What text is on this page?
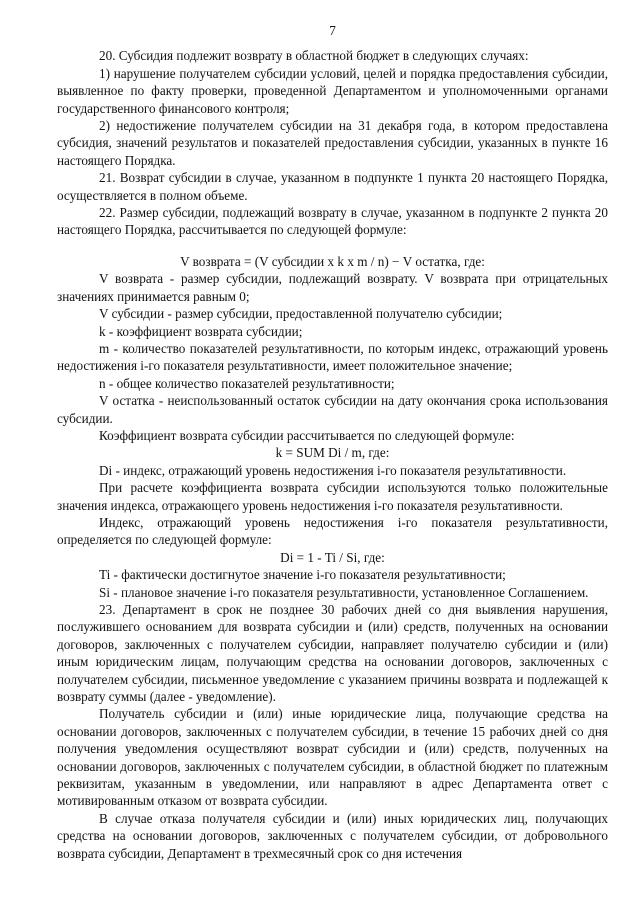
7

20. Субсидия подлежит возврату в областной бюджет в следующих случаях:

1) нарушение получателем субсидии условий, целей и порядка предоставления субсидии, выявленное по факту проверки, проведенной Департаментом и уполномоченными органами государственного финансового контроля;

2) недостижение получателем субсидии на 31 декабря года, в котором предоставлена субсидия, значений результатов и показателей предоставления субсидии, указанных в пункте 16 настоящего Порядка.

21. Возврат субсидии в случае, указанном в подпункте 1 пункта 20 настоящего Порядка, осуществляется в полном объеме.

22. Размер субсидии, подлежащий возврату в случае, указанном в подпункте 2 пункта 20 настоящего Порядка, рассчитывается по следующей формуле:

V возврата = (V субсидии x k x m / n) − V остатка, где:

V возврата - размер субсидии, подлежащий возврату. V возврата при отрицательных значениях принимается равным 0;

V субсидии - размер субсидии, предоставленной получателю субсидии;

k - коэффициент возврата субсидии;

m - количество показателей результативности, по которым индекс, отражающий уровень недостижения i-го показателя результативности, имеет положительное значение;

n - общее количество показателей результативности;

V остатка - неиспользованный остаток субсидии на дату окончания срока использования субсидии.

Коэффициент возврата субсидии рассчитывается по следующей формуле:

k = SUM Di / m, где:

Di - индекс, отражающий уровень недостижения i-го показателя результативности.

При расчете коэффициента возврата субсидии используются только положительные значения индекса, отражающего уровень недостижения i-го показателя результативности.

Индекс, отражающий уровень недостижения i-го показателя результативности, определяется по следующей формуле:

Di = 1 - Ti / Si, где:

Ti - фактически достигнутое значение i-го показателя результативности;

Si - плановое значение i-го показателя результативности, установленное Соглашением.

23. Департамент в срок не позднее 30 рабочих дней со дня выявления нарушения, послужившего основанием для возврата субсидии и (или) средств, полученных на основании договоров, заключенных с получателем субсидии, направляет получателю субсидии и (или) иным юридическим лицам, получающим средства на основании договоров, заключенных с получателем субсидии, письменное уведомление с указанием причины возврата и подлежащей к возврату суммы (далее - уведомление).

Получатель субсидии и (или) иные юридические лица, получающие средства на основании договоров, заключенных с получателем субсидии, в течение 15 рабочих дней со дня получения уведомления осуществляют возврат субсидии и (или) средств, полученных на основании договоров, заключенных с получателем субсидии, в областной бюджет по платежным реквизитам, указанным в уведомлении, или направляют в адрес Департамента ответ с мотивированным отказом от возврата субсидии.

В случае отказа получателя субсидии и (или) иных юридических лиц, получающих средства на основании договоров, заключенных с получателем субсидии, от добровольного возврата субсидии, Департамент в трехмесячный срок со дня истечения
